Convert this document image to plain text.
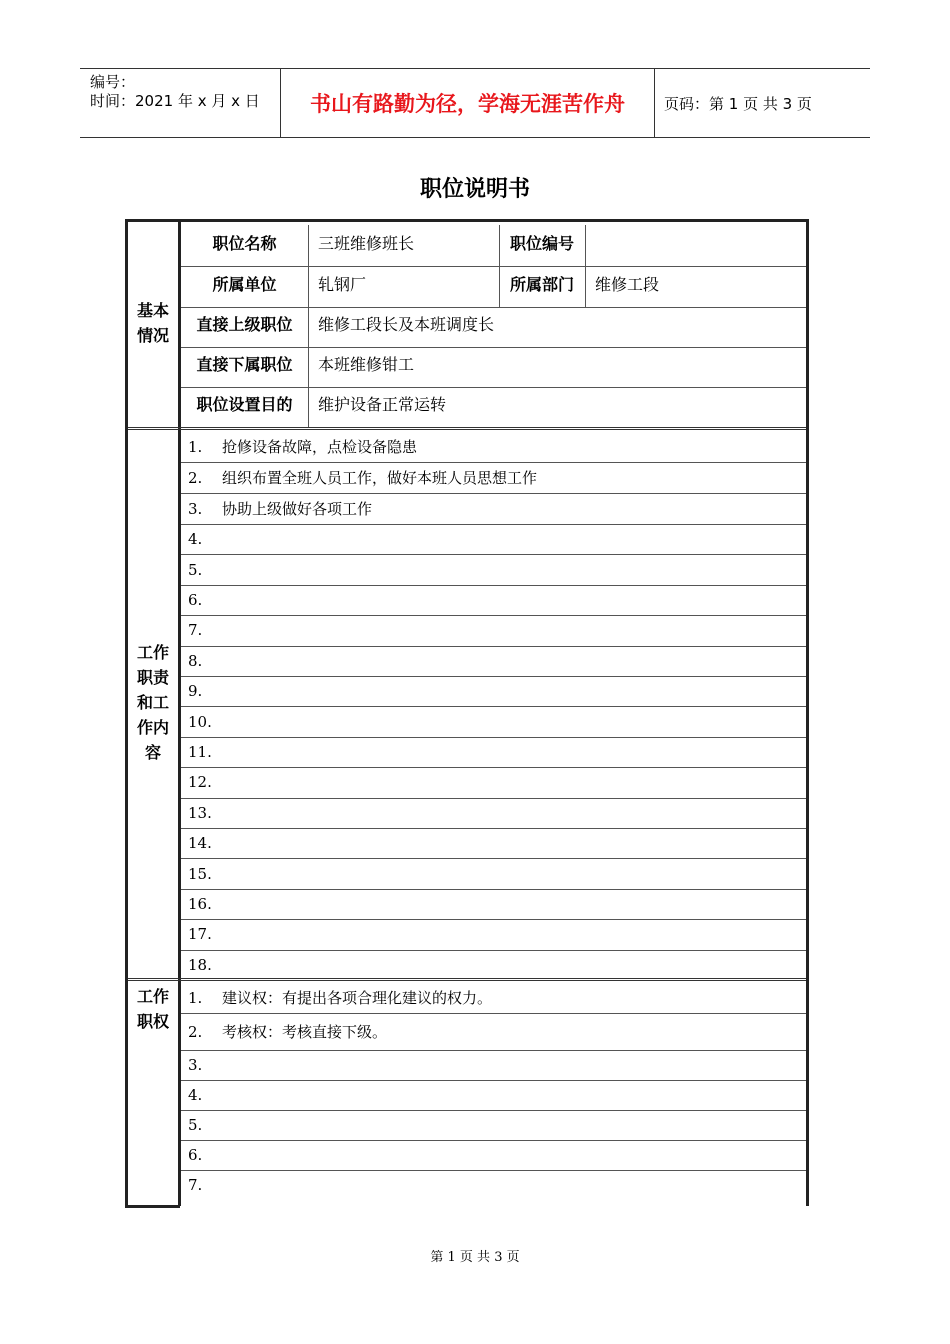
编号：
时间：2021 年 x 月 x 日	书山有路勤为径，学海无涯苦作舟	页码：第 1 页 共 3 页
职位说明书
基本情况
职位名称	三班维修班长	职位编号
所属单位	轧钢厂	所属部门	维修工段
直接上级职位	维修工段长及本班调度长
直接下属职位	本班维修钳工
职位设置目的	维护设备正常运转
工作职责和工作内容
1.	抢修设备故障，点检设备隐患
2.	组织布置全班人员工作，做好本班人员思想工作
3.	协助上级做好各项工作
4.
5.
6.
7.
8.
9.
10.
11.
12.
13.
14.
15.
16.
17.
18.
工作职权
1.	建议权：有提出各项合理化建议的权力。
2.	考核权：考核直接下级。
3.
4.
5.
6.
7.
第 1 页 共 3 页
